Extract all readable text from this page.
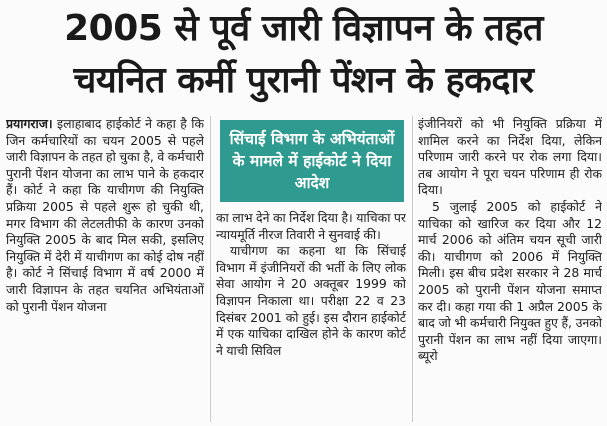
2005 से पूर्व जारी विज्ञापन के तहत
चयनित कर्मी पुरानी पेंशन के हकदार

प्रयागराज। इलाहाबाद हाईकोर्ट ने कहा है कि जिन कर्मचारियों का चयन 2005 से पहले जारी विज्ञापन के तहत हो चुका है, वे कर्मचारी पुरानी पेंशन योजना का लाभ पाने के हकदार हैं। कोर्ट ने कहा कि याचीगण की नियुक्ति प्रक्रिया 2005 से पहले शुरू हो चुकी थी, मगर विभाग की लेटलतीफी के कारण उनको नियुक्ति 2005 के बाद मिल सकी, इसलिए नियुक्ति में देरी में याचीगण का कोई दोष नहीं है। कोर्ट ने सिंचाई विभाग में वर्ष 2000 में जारी विज्ञापन के तहत चयनित अभियंताओं को पुरानी पेंशन योजना

सिंचाई विभाग के अभियंताओं के मामले में हाईकोर्ट ने दिया आदेश

का लाभ देने का निर्देश दिया है। याचिका पर न्यायमूर्ति नीरज तिवारी ने सुनवाई की।

याचीगण का कहना था कि सिंचाई विभाग में इंजीनियरों की भर्ती के लिए लोक सेवा आयोग ने 20 अक्तूबर 1999 को विज्ञापन निकाला था। परीक्षा 22 व 23 दिसंबर 2001 को हुई। इस दौरान हाईकोर्ट में एक याचिका दाखिल होने के कारण कोर्ट ने याची सिविल

इंजीनियरों को भी नियुक्ति प्रक्रिया में शामिल करने का निर्देश दिया, लेकिन परिणाम जारी करने पर रोक लगा दिया। तब आयोग ने पूरा चयन परिणाम ही रोक दिया।

5 जुलाई 2005 को हाईकोर्ट ने याचिका को खारिज कर दिया और 12 मार्च 2006 को अंतिम चयन सूची जारी की। याचीगण को 2006 में नियुक्ति मिली। इस बीच प्रदेश सरकार ने 28 मार्च 2005 को पुरानी पेंशन योजना समाप्त कर दी। कहा गया की 1 अप्रैल 2005 के बाद जो भी कर्मचारी नियुक्त हुए हैं, उनको पुरानी पेंशन का लाभ नहीं दिया जाएगा। ब्यूरो
